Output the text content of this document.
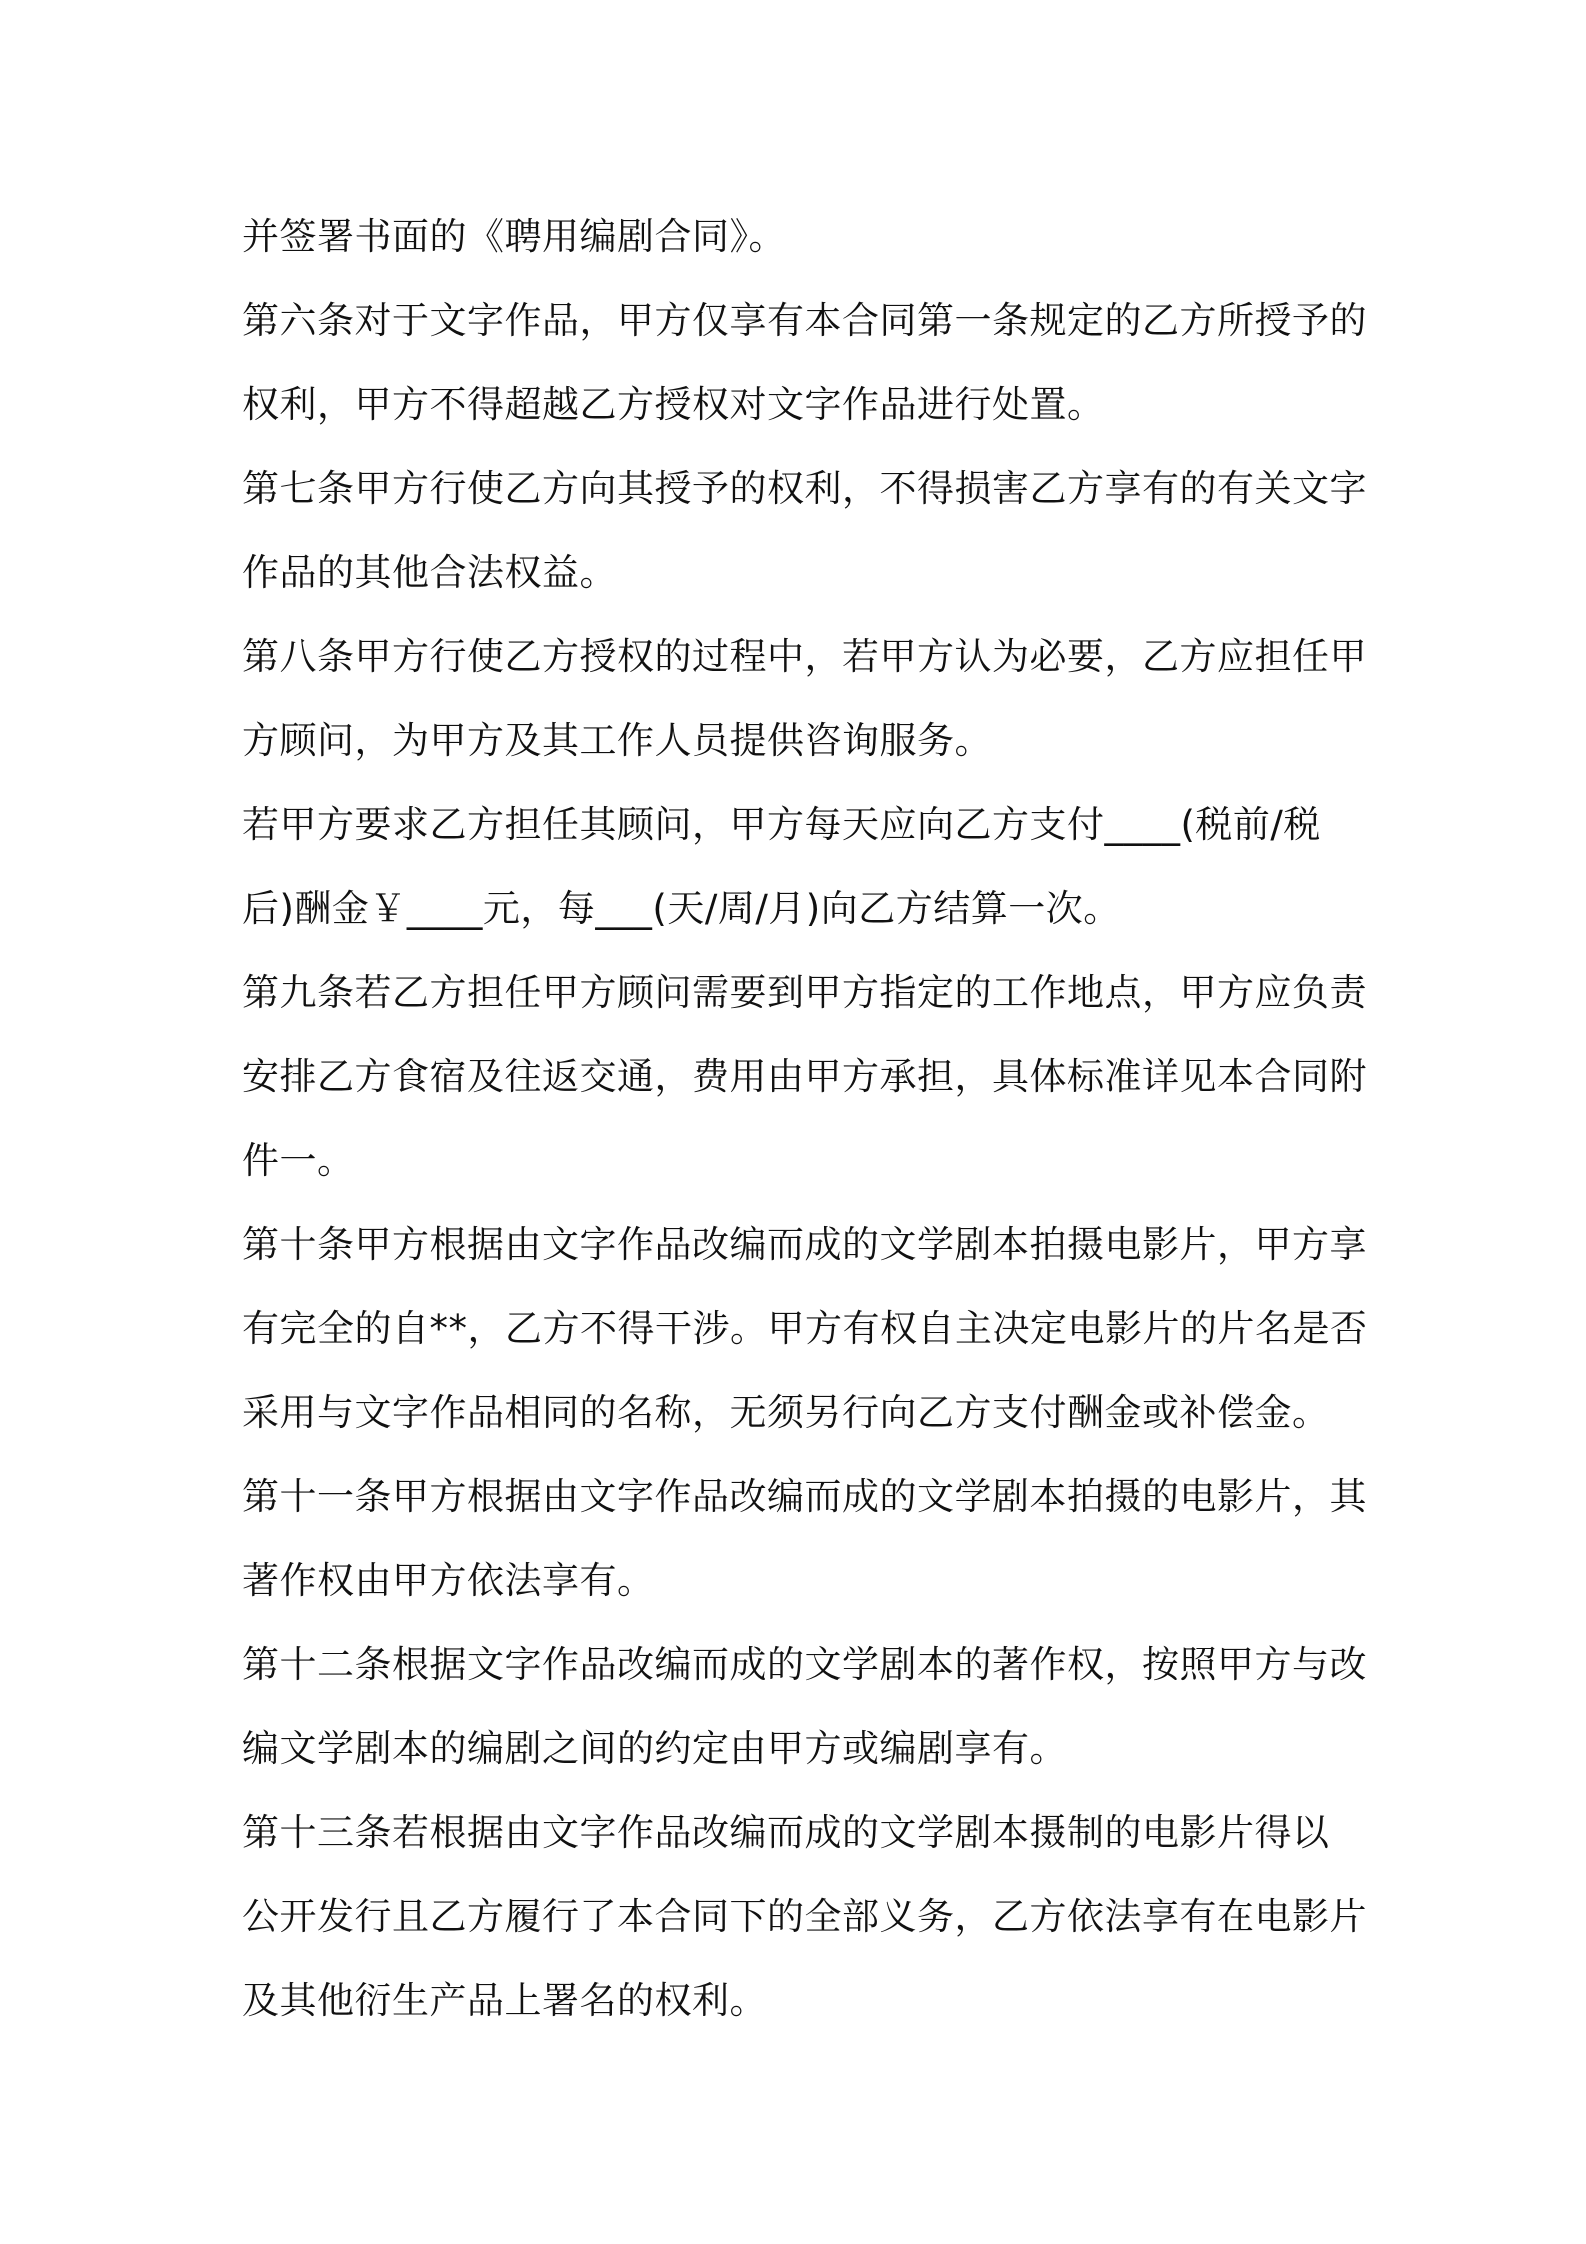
并签署书面的《聘用编剧合同》。
第六条对于文字作品，甲方仅享有本合同第一条规定的乙方所授予的
权利，甲方不得超越乙方授权对文字作品进行处置。
第七条甲方行使乙方向其授予的权利，不得损害乙方享有的有关文字
作品的其他合法权益。
第八条甲方行使乙方授权的过程中，若甲方认为必要，乙方应担任甲
方顾问，为甲方及其工作人员提供咨询服务。
若甲方要求乙方担任其顾问，甲方每天应向乙方支付____(税前/税
后)酬金￥____元，每___(天/周/月)向乙方结算一次。
第九条若乙方担任甲方顾问需要到甲方指定的工作地点，甲方应负责
安排乙方食宿及往返交通，费用由甲方承担，具体标准详见本合同附
件一。
第十条甲方根据由文字作品改编而成的文学剧本拍摄电影片，甲方享
有完全的自**，乙方不得干涉。甲方有权自主决定电影片的片名是否
采用与文字作品相同的名称，无须另行向乙方支付酬金或补偿金。
第十一条甲方根据由文字作品改编而成的文学剧本拍摄的电影片，其
著作权由甲方依法享有。
第十二条根据文字作品改编而成的文学剧本的著作权，按照甲方与改
编文学剧本的编剧之间的约定由甲方或编剧享有。
第十三条若根据由文字作品改编而成的文学剧本摄制的电影片得以
公开发行且乙方履行了本合同下的全部义务，乙方依法享有在电影片
及其他衍生产品上署名的权利。
